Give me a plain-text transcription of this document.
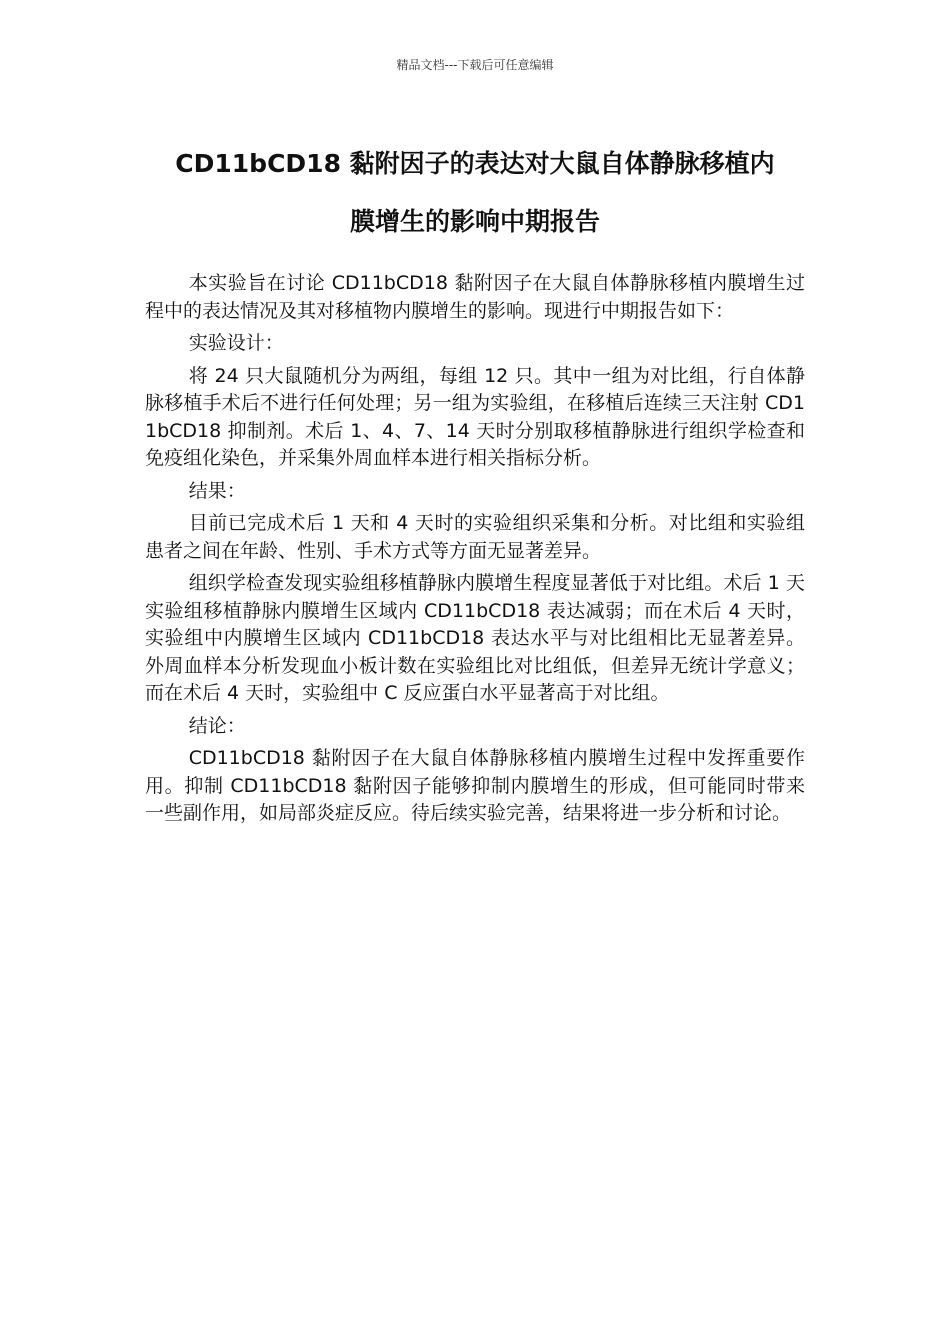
精品文档---下载后可任意编辑
CD11bCD18 黏附因子的表达对大鼠自体静脉移植内
膜增生的影响中期报告

本实验旨在讨论 CD11bCD18 黏附因子在大鼠自体静脉移植内膜增生过程中的表达情况及其对移植物内膜增生的影响。现进行中期报告如下：

实验设计：

将 24 只大鼠随机分为两组，每组 12 只。其中一组为对比组，行自体静脉移植手术后不进行任何处理；另一组为实验组，在移植后连续三天注射 CD11bCD18 抑制剂。术后 1、4、7、14 天时分别取移植静脉进行组织学检查和免疫组化染色，并采集外周血样本进行相关指标分析。

结果：

目前已完成术后 1 天和 4 天时的实验组织采集和分析。对比组和实验组患者之间在年龄、性别、手术方式等方面无显著差异。

组织学检查发现实验组移植静脉内膜增生程度显著低于对比组。术后 1 天实验组移植静脉内膜增生区域内 CD11bCD18 表达减弱；而在术后 4 天时，实验组中内膜增生区域内 CD11bCD18 表达水平与对比组相比无显著差异。外周血样本分析发现血小板计数在实验组比对比组低，但差异无统计学意义；而在术后 4 天时，实验组中 C 反应蛋白水平显著高于对比组。

结论：

CD11bCD18 黏附因子在大鼠自体静脉移植内膜增生过程中发挥重要作用。抑制 CD11bCD18 黏附因子能够抑制内膜增生的形成，但可能同时带来一些副作用，如局部炎症反应。待后续实验完善，结果将进一步分析和讨论。
